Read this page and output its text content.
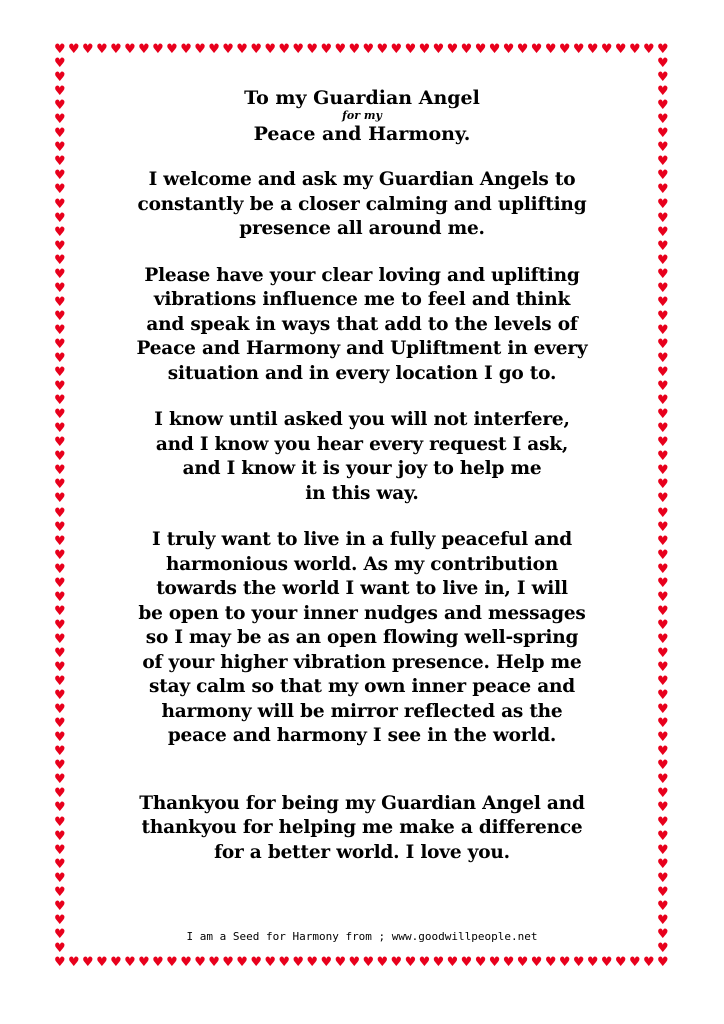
♥
♥
♥
♥
♥
♥
♥
♥
♥
♥
♥
♥
♥
♥
♥
♥
♥
♥
♥
♥
♥
♥
♥
♥
♥
♥
♥
♥
♥
♥
♥
♥
♥
♥
♥
♥
♥
♥
♥
♥
♥
♥
♥
♥
♥
♥
♥
♥
♥
♥
♥
♥
♥
♥
♥
♥
♥
♥
♥
♥
♥
♥
♥
♥
♥
♥
♥
♥
♥
♥
♥
♥
♥
♥
♥
♥
♥
♥
♥
♥
♥
♥
♥
♥
♥
♥
♥
♥
♥	♥
♥	♥
♥	♥
♥	♥
♥	♥
♥	♥
♥	♥
♥	♥
♥	♥
♥	♥
♥	♥
♥	♥
♥	♥
♥	♥
♥	♥
♥	♥
♥	♥
♥	♥
♥	♥
♥	♥
♥	♥
♥	♥
♥	♥
♥	♥
♥	♥
♥	♥
♥	♥
♥	♥
♥	♥
♥	♥
♥	♥
♥	♥
♥	♥
♥	♥
♥	♥
♥	♥
♥	♥
♥	♥
♥	♥
♥	♥
♥	♥
♥	♥
♥	♥
♥	♥
♥	♥
♥	♥
♥	♥
♥	♥
♥	♥
♥	♥
♥	♥
♥	♥
♥	♥
♥	♥
♥	♥
♥	♥
♥	♥
♥	♥
♥	♥
♥	♥
♥	♥
♥	♥
♥	♥
♥	♥

To my Guardian Angel

for my

Peace and Harmony.

I welcome and ask my Guardian Angels to
constantly be a closer calming and uplifting
presence all around me.

Please have your clear loving and uplifting
vibrations influence me to feel and think
and speak in ways that add to the levels of
Peace and Harmony and Upliftment in every
situation and in every location I go to.

I know until asked you will not interfere,
and I know you hear every request I ask,
and I know it is your joy to help me
in this way.

I truly want to live in a fully peaceful and
harmonious world. As my contribution
towards the world I want to live in, I will
be open to your inner nudges and messages
so I may be as an open flowing well-spring
of your higher vibration presence. Help me
stay calm so that my own inner peace and
harmony will be mirror reflected as the
peace and harmony I see in the world.

Thankyou for being my Guardian Angel and
thankyou for helping me make a difference
for a better world. I love you.

I am a Seed for Harmony from ; www.goodwillpeople.net
